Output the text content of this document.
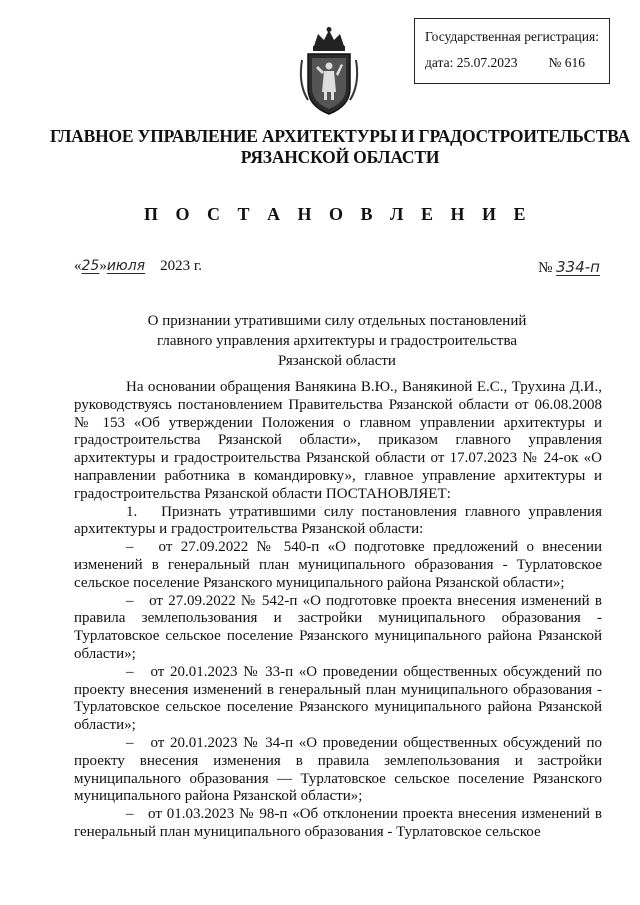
Государственная регистрация:
дата: 25.07.2023 № 616
ГЛАВНОЕ УПРАВЛЕНИЕ АРХИТЕКТУРЫ И ГРАДОСТРОИТЕЛЬСТВА
РЯЗАНСКОЙ ОБЛАСТИ
П О С Т А Н О В Л Е Н И Е
«25»июля 2023 г.	№ 334-п
О признании утратившими силу отдельных постановлений
главного управления архитектуры и градостроительства
Рязанской области

На основании обращения Ванякина В.Ю., Ванякиной Е.С., Трухина Д.И., руководствуясь постановлением Правительства Рязанской области от 06.08.2008 № 153 «Об утверждении Положения о главном управлении архитектуры и градостроительства Рязанской области», приказом главного управления архитектуры и градостроительства Рязанской области от 17.07.2023 № 24-ок «О направлении работника в командировку», главное управление архитектуры и градостроительства Рязанской области ПОСТАНОВЛЯЕТ:

1.   Признать утратившими силу постановления главного управления архитектуры и градостроительства Рязанской области:

–   от 27.09.2022 № 540-п «О подготовке предложений о внесении изменений в генеральный план муниципального образования - Турлатовское сельское поселение Рязанского муниципального района Рязанской области»;

–   от 27.09.2022 № 542-п «О подготовке проекта внесения изменений в правила землепользования и застройки муниципального образования - Турлатовское сельское поселение Рязанского муниципального района Рязанской области»;

–   от 20.01.2023 № 33-п «О проведении общественных обсуждений по проекту внесения изменений в генеральный план муниципального образования - Турлатовское сельское поселение Рязанского муниципального района Рязанской области»;

–   от 20.01.2023 № 34-п «О проведении общественных обсуждений по проекту внесения изменения в правила землепользования и застройки муниципального образования — Турлатовское сельское поселение Рязанского муниципального района Рязанской области»;

–   от 01.03.2023 № 98-п «Об отклонении проекта внесения изменений в генеральный план муниципального образования - Турлатовское сельское
